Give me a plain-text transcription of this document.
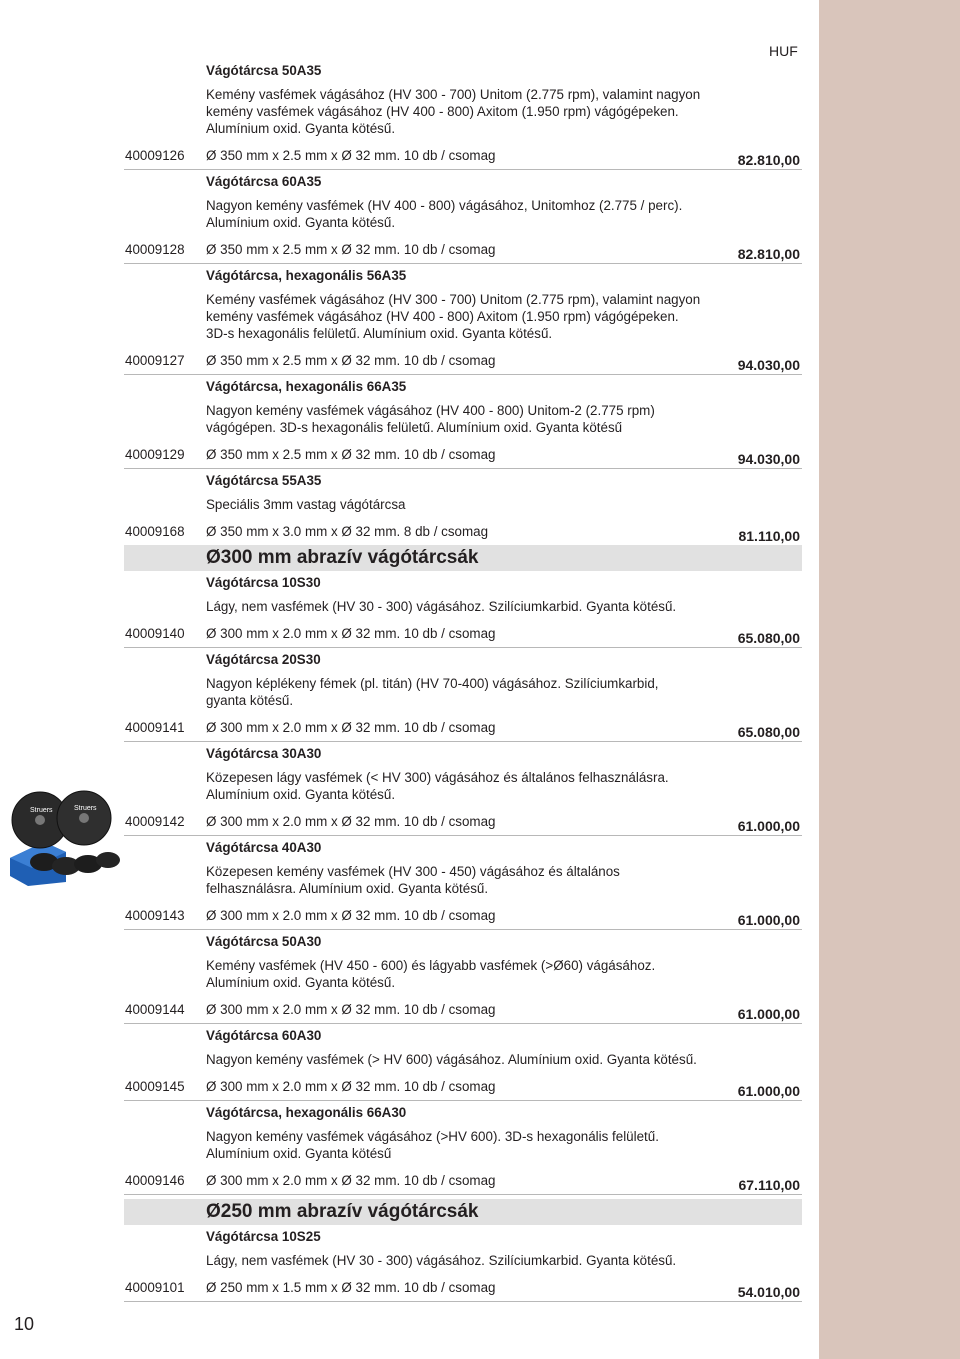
HUF
10
Vágótárcsa 50A35
Kemény vasfémek vágásához (HV 300 - 700) Unitom (2.775 rpm), valamint nagyon kemény vasfémek vágásához (HV 400 - 800) Axitom (1.950 rpm) vágógépeken. Alumínium oxid. Gyanta kötésű.
40009126 Ø 350 mm x 2.5 mm x Ø 32 mm. 10 db / csomag	82.810,00
Vágótárcsa 60A35
Nagyon kemény vasfémek (HV 400 - 800) vágásához, Unitomhoz (2.775 / perc). Alumínium oxid. Gyanta kötésű.
40009128 Ø 350 mm x 2.5 mm x Ø 32 mm. 10 db / csomag	82.810,00
Vágótárcsa, hexagonális 56A35
Kemény vasfémek vágásához (HV 300 - 700) Unitom (2.775 rpm), valamint nagyon kemény vasfémek vágásához (HV 400 - 800) Axitom (1.950 rpm) vágógépeken. 3D-s hexagonális felületű. Alumínium oxid. Gyanta kötésű.
40009127 Ø 350 mm x 2.5 mm x Ø 32 mm. 10 db / csomag	94.030,00
Vágótárcsa, hexagonális 66A35
Nagyon kemény vasfémek vágásához (HV 400 - 800) Unitom-2 (2.775 rpm) vágógépen. 3D-s hexagonális felületű. Alumínium oxid. Gyanta kötésű
40009129 Ø 350 mm x 2.5 mm x Ø 32 mm. 10 db / csomag	94.030,00
Vágótárcsa 55A35
Speciális 3mm vastag vágótárcsa
40009168 Ø 350 mm x 3.0 mm x Ø 32 mm. 8 db / csomag	81.110,00
Ø300 mm abrazív vágótárcsák
Vágótárcsa 10S30
Lágy, nem vasfémek (HV 30 - 300) vágásához. Szilíciumkarbid. Gyanta kötésű.
40009140 Ø 300 mm x 2.0 mm x Ø 32 mm. 10 db / csomag	65.080,00
Vágótárcsa 20S30
Nagyon képlékeny fémek (pl. titán) (HV 70-400) vágásához. Szilíciumkarbid, gyanta kötésű.
40009141 Ø 300 mm x 2.0 mm x Ø 32 mm. 10 db / csomag	65.080,00
Vágótárcsa 30A30
Közepesen lágy vasfémek (< HV 300) vágásához és általános felhasználásra. Alumínium oxid. Gyanta kötésű.
40009142 Ø 300 mm x 2.0 mm x Ø 32 mm. 10 db / csomag	61.000,00
Vágótárcsa 40A30
Közepesen kemény vasfémek (HV 300 - 450) vágásához és általános felhasználásra. Alumínium oxid. Gyanta kötésű.
40009143 Ø 300 mm x 2.0 mm x Ø 32 mm. 10 db / csomag	61.000,00
Vágótárcsa 50A30
Kemény vasfémek (HV 450 - 600) és lágyabb vasfémek (>Ø60) vágásához. Alumínium oxid. Gyanta kötésű.
40009144 Ø 300 mm x 2.0 mm x Ø 32 mm. 10 db / csomag	61.000,00
Vágótárcsa 60A30
Nagyon kemény vasfémek (> HV 600) vágásához. Alumínium oxid. Gyanta kötésű.
40009145 Ø 300 mm x 2.0 mm x Ø 32 mm. 10 db / csomag	61.000,00
Vágótárcsa, hexagonális 66A30
Nagyon kemény vasfémek vágásához (>HV 600). 3D-s hexagonális felületű. Alumínium oxid. Gyanta kötésű
40009146 Ø 300 mm x 2.0 mm x Ø 32 mm. 10 db / csomag	67.110,00
Ø250 mm abrazív vágótárcsák
Vágótárcsa 10S25
Lágy, nem vasfémek (HV 30 - 300) vágásához. Szilíciumkarbid. Gyanta kötésű.
40009101 Ø 250 mm x 1.5 mm x Ø 32 mm. 10 db / csomag	54.010,00
Struers	Struers
